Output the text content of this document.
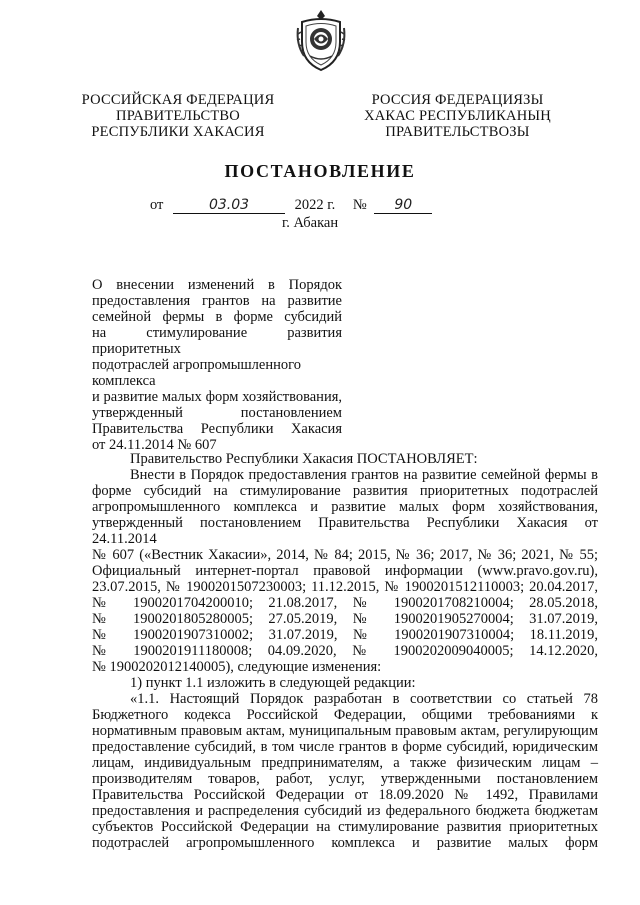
РОССИЙСКАЯ ФЕДЕРАЦИЯ
ПРАВИТЕЛЬСТВО
РЕСПУБЛИКИ ХАКАСИЯ
РОССИЯ ФЕДЕРАЦИЯЗЫ
ХАКАС РЕСПУБЛИКАНЫҢ
ПРАВИТЕЛЬСТВОЗЫ
ПОСТАНОВЛЕНИЕ
от	03.03	2022 г. № 90
г. Абакан
О внесении изменений в Порядок
предоставления грантов на развитие
семейной фермы в форме субсидий
на стимулирование развития приоритетных
подотраслей агропромышленного комплекса
и развитие малых форм хозяйствования,
утвержденный постановлением
Правительства Республики Хакасия
от 24.11.2014 № 607
Правительство Республики Хакасия ПОСТАНОВЛЯЕТ:
Внести в Порядок предоставления грантов на развитие семейной фермы в
форме субсидий на стимулирование развития приоритетных подотраслей
агропромышленного комплекса и развитие малых форм хозяйствования,
утвержденный постановлением Правительства Республики Хакасия от 24.11.2014
№ 607 («Вестник Хакасии», 2014, № 84; 2015, № 36; 2017, № 36; 2021, № 55;
Официальный интернет-портал правовой информации (www.pravo.gov.ru),
23.07.2015, № 1900201507230003; 11.12.2015, № 1900201512110003; 20.04.2017,
№ 1900201704200010; 21.08.2017, № 1900201708210004; 28.05.2018,
№ 1900201805280005; 27.05.2019, № 1900201905270004; 31.07.2019,
№ 1900201907310002; 31.07.2019, № 1900201907310004; 18.11.2019,
№ 1900201911180008; 04.09.2020, № 1900202009040005; 14.12.2020,
№ 1900202012140005), следующие изменения:
1) пункт 1.1 изложить в следующей редакции:
«1.1. Настоящий Порядок разработан в соответствии со статьей 78
Бюджетного кодекса Российской Федерации, общими требованиями к
нормативным правовым актам, муниципальным правовым актам, регулирующим
предоставление субсидий, в том числе грантов в форме субсидий, юридическим
лицам, индивидуальным предпринимателям, а также физическим лицам –
производителям товаров, работ, услуг, утвержденными постановлением
Правительства Российской Федерации от 18.09.2020 № 1492, Правилами
предоставления и распределения субсидий из федерального бюджета бюджетам
субъектов Российской Федерации на стимулирование развития приоритетных
подотраслей агропромышленного комплекса и развитие малых форм
